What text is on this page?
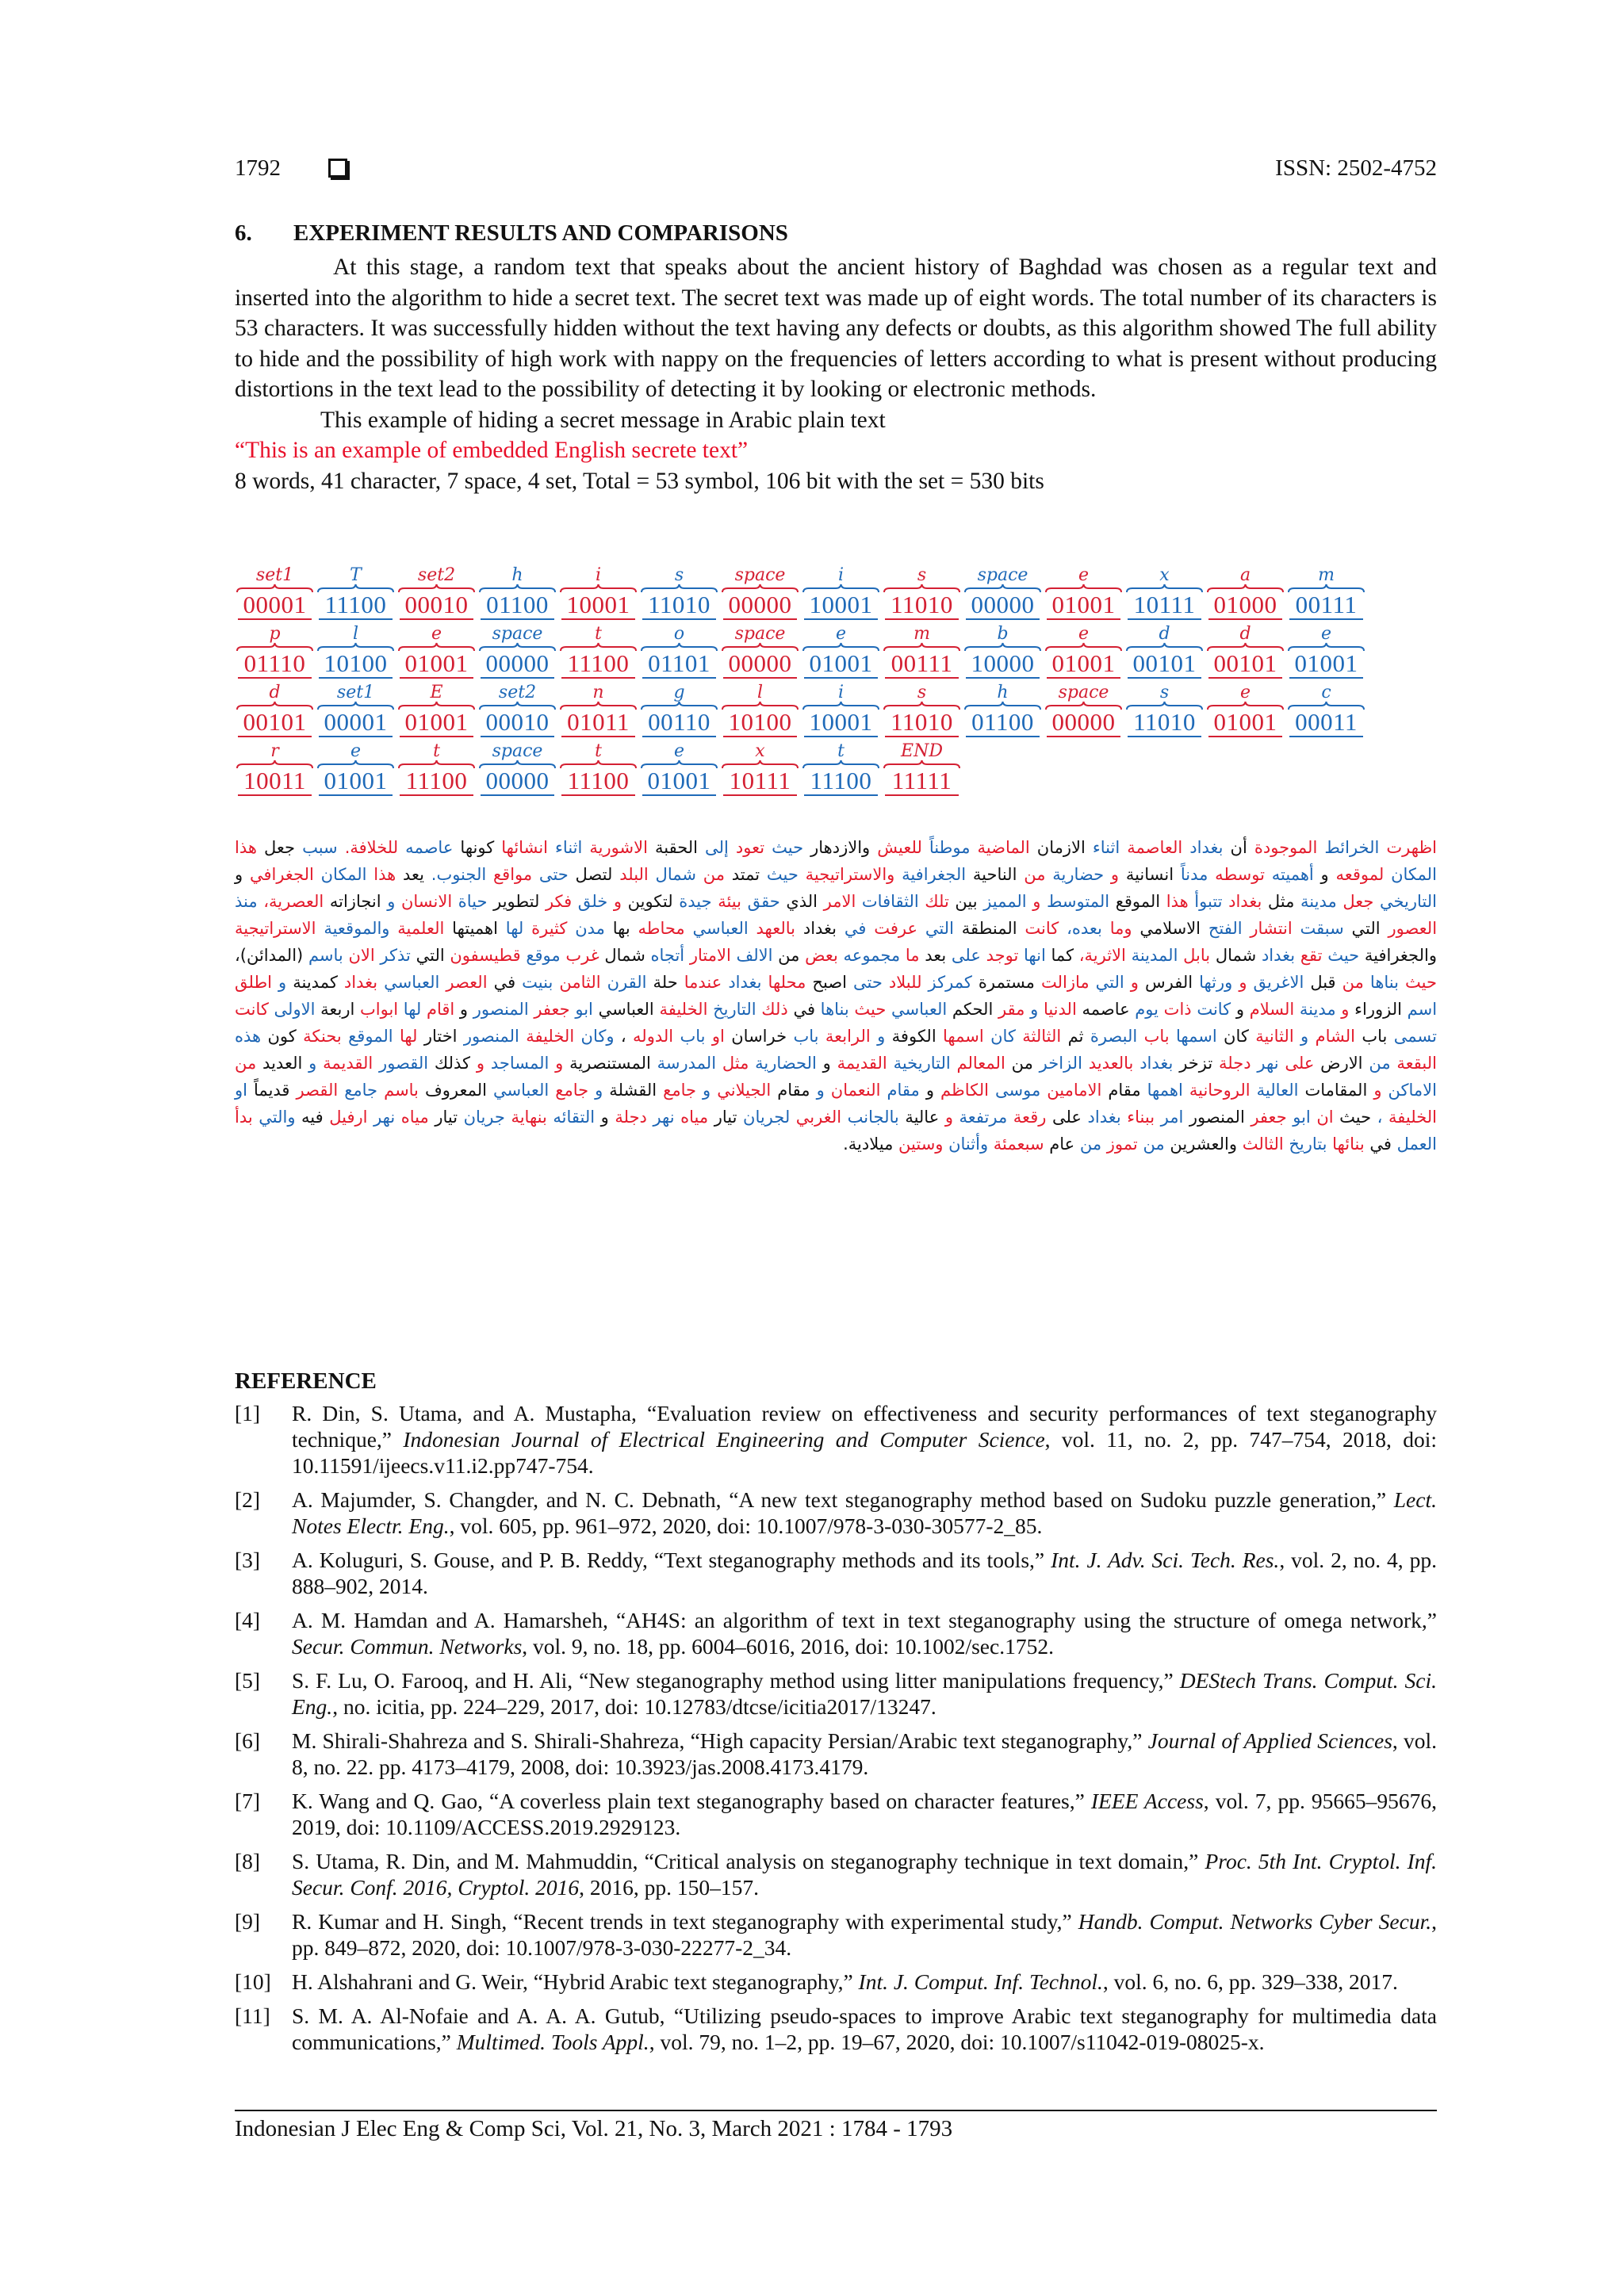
1792	ISSN: 2502-4752
6. EXPERIMENT RESULTS AND COMPARISONS

At this stage, a random text that speaks about the ancient history of Baghdad was chosen as a regular text and inserted into the algorithm to hide a secret text. The secret text was made up of eight words. The total number of its characters is 53 characters. It was successfully hidden without the text having any defects or doubts, as this algorithm showed The full ability to hide and the possibility of high work with nappy on the frequencies of letters according to what is present without producing distortions in the text lead to the possibility of detecting it by looking or electronic methods.

This example of hiding a secret message in Arabic plain text

“This is an example of embedded English secrete text”

8 words, 41 character, 7 space, 4 set, Total = 53 symbol, 106 bit with the set = 530 bits

set1
00001
T
11100
set2
00010
h
01100
i
10001
s
11010
space
00000
i
10001
s
11010
space
00000
e
01001
x
10111
a
01000
m
00111
p
01110
l
10100
e
01001
space
00000
t
11100
o
01101
space
00000
e
01001
m
00111
b
10000
e
01001
d
00101
d
00101
e
01001
d
00101
set1
00001
E
01001
set2
00010
n
01011
g
00110
l
10100
i
10001
s
11010
h
01100
space
00000
s
11010
e
01001
c
00011
r
10011
e
01001
t
11100
space
00000
t
11100
e
01001
x
10111
t
11100
END
11111
اظهرت الخرائط الموجودة أن بغداد العاصمة اثناء الازمان الماضية موطناً للعيش والازدهار حيث تعود إلى الحقبة الاشورية اثناء انشائها كونها عاصمه للخلافة. سبب جعل هذا المكان لموقعه و أهميته توسطه مدناً انسانية و حضارية من الناحية الجغرافية والاستراتيجية حيث تمتد من شمال البلد لتصل حتى مواقع الجنوب. يعد هذا المكان الجغرافي و التاريخي جعل مدينة مثل بغداد تتبوأ هذا الموقع المتوسط و المميز بين تلك الثقافات الامر الذي حقق بيئة جيدة لتكوين و خلق فكر لتطوير حياة الانسان و انجازاته العصرية، منذ العصور التي سبقت انتشار الفتح الاسلامي وما بعده، كانت المنطقة التي عرفت في بغداد بالعهد العباسي محاطه بها مدن كثيرة لها اهميتها العلمية والموقعية الاستراتيجية والجغرافية حيث تقع بغداد شمال بابل المدينة الاثرية، كما انها توجد على بعد ما مجموعه بعض من الالف الامتار أتجاه شمال غرب موقع قطيسفون التي تذكر الان باسم (المدائن)، حيث بناها من قبل الاغريق و ورثها الفرس و التي مازالت مستمرة كمركز للبلاد حتى اصبح محلها بغداد عندما حلة القرن الثامن بنيت في العصر العباسي بغداد كمدينة و اطلق اسم الزوراء و مدينة السلام و كانت ذات يوم عاصمه الدنيا و مقر الحكم العباسي حيث بناها في ذلك التاريخ الخليفة العباسي ابو جعفر المنصور و اقام لها ابواب اربعة الاولى كانت تسمى باب الشام و الثانية كان اسمها باب البصرة ثم الثالثة كان اسمها الكوفة و الرابعة باب خراسان او باب الدوله ، وكان الخليفة المنصور اختار لها الموقع بحنكة كون هذه البقعة من الارض على نهر دجلة تزخر بغداد بالعديد الزاخر من المعالم التاريخية القديمة و الحضارية مثل المدرسة المستنصرية و المساجد و كذلك القصور القديمة و العديد من الاماكن و المقامات العالية الروحانية اهمها مقام الامامين موسى الكاظم و مقام النعمان و مقام الجيلاني و جامع القشلة و جامع العباسي المعروف باسم جامع القصر قديماً او الخليفة ، حيث ان ابو جعفر المنصور امر ببناء بغداد على رقعة مرتفعة و عالية بالجانب الغربي لجريان تيار مياه نهر دجلة و التقائه بنهاية جريان تيار مياه نهر ارفيل فيه والتي بدأ العمل في بنائها بتاريخ الثالث والعشرين من تموز من عام سبعمئة وأثنان وستين ميلادية.
REFERENCE
[1] R. Din, S. Utama, and A. Mustapha, “Evaluation review on effectiveness and security performances of text steganography technique,” Indonesian Journal of Electrical Engineering and Computer Science, vol. 11, no. 2, pp. 747–754, 2018, doi: 10.11591/ijeecs.v11.i2.pp747-754.
[2] A. Majumder, S. Changder, and N. C. Debnath, “A new text steganography method based on Sudoku puzzle generation,” Lect. Notes Electr. Eng., vol. 605, pp. 961–972, 2020, doi: 10.1007/978-3-030-30577-2_85.
[3] A. Koluguri, S. Gouse, and P. B. Reddy, “Text steganography methods and its tools,” Int. J. Adv. Sci. Tech. Res., vol. 2, no. 4, pp. 888–902, 2014.
[4] A. M. Hamdan and A. Hamarsheh, “AH4S: an algorithm of text in text steganography using the structure of omega network,” Secur. Commun. Networks, vol. 9, no. 18, pp. 6004–6016, 2016, doi: 10.1002/sec.1752.
[5] S. F. Lu, O. Farooq, and H. Ali, “New steganography method using litter manipulations frequency,” DEStech Trans. Comput. Sci. Eng., no. icitia, pp. 224–229, 2017, doi: 10.12783/dtcse/icitia2017/13247.
[6] M. Shirali-Shahreza and S. Shirali-Shahreza, “High capacity Persian/Arabic text steganography,” Journal of Applied Sciences, vol. 8, no. 22. pp. 4173–4179, 2008, doi: 10.3923/jas.2008.4173.4179.
[7] K. Wang and Q. Gao, “A coverless plain text steganography based on character features,” IEEE Access, vol. 7, pp. 95665–95676, 2019, doi: 10.1109/ACCESS.2019.2929123.
[8] S. Utama, R. Din, and M. Mahmuddin, “Critical analysis on steganography technique in text domain,” Proc. 5th Int. Cryptol. Inf. Secur. Conf. 2016, Cryptol. 2016, 2016, pp. 150–157.
[9] R. Kumar and H. Singh, “Recent trends in text steganography with experimental study,” Handb. Comput. Networks Cyber Secur., pp. 849–872, 2020, doi: 10.1007/978-3-030-22277-2_34.
[10] H. Alshahrani and G. Weir, “Hybrid Arabic text steganography,” Int. J. Comput. Inf. Technol., vol. 6, no. 6, pp. 329–338, 2017.
[11] S. M. A. Al-Nofaie and A. A. A. Gutub, “Utilizing pseudo-spaces to improve Arabic text steganography for multimedia data communications,” Multimed. Tools Appl., vol. 79, no. 1–2, pp. 19–67, 2020, doi: 10.1007/s11042-019-08025-x.
Indonesian J Elec Eng & Comp Sci, Vol. 21, No. 3, March 2021 : 1784 - 1793
